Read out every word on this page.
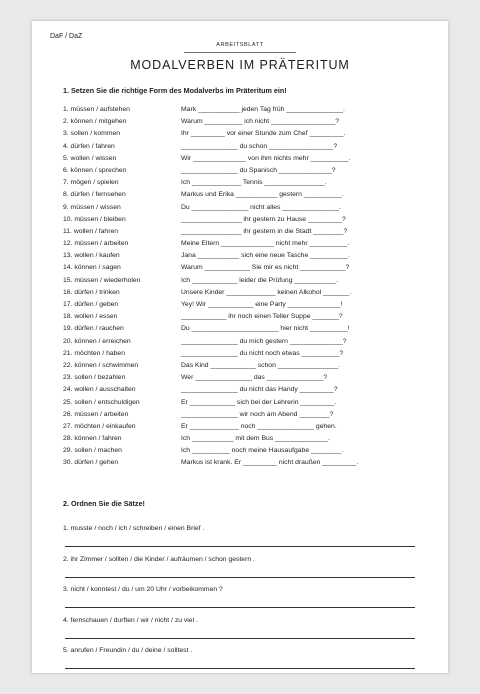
DaF / DaZ
ARBEITSBLATT
MODALVERBEN IM PRÄTERITUM
1. Setzen Sie die richtige Form des Modalverbs im Präteritum ein!
1. müssen / aufstehen	Mark ___________ jeden Tag früh _______________.
2. können / mitgehen	Warum __________ ich nicht _________________?
3. sollen / kommen	Ihr _________ vor einer Stunde zum Chef _________.
4. dürfen / fahren	_______________ du schon _________________?
5. wollen / wissen	Wir ______________ von ihm nichts mehr __________.
6. können / sprechen	_______________ du Spanisch ______________?
7. mögen / spielen	Ich _____________ Tennis ________________.
8. dürfen / fernsehen	Markus und Erika ___________ gestern __________.
9. müssen / wissen	Du _______________ nicht alles _______________.
10. müssen / bleiben	________________ ihr gestern zu Hause _________?
11. wollen / fahren	________________ ihr gestern in die Stadt ________?
12. müssen / arbeiten	Meine Eltern ______________ nicht mehr __________.
13. wollen / kaufen	Jana ___________ sich eine neue Tasche __________.
14. können / sagen	Warum ____________ Sie mir es nicht ____________?
15. müssen / wiederholen	Ich ____________ leider die Prüfung ___________.
16. dürfen / trinken	Unsere Kinder _____________ keinen Alkohol _______.
17. dürfen / geben	Yey! Wir ____________ eine Party ______________!
18. wollen / essen	____________ ihr noch einen Teller Suppe _______?
19. dürfen / rauchen	Du _______________________ hier nicht __________!
20. können / erreichen	_______________ du mich gestern ______________?
21. möchten / haben	_______________ du nicht noch etwas __________?
22. können / schwimmen	Das Kind ____________ schon ________________.
23. sollen / bezahlen	Wer _______________ das _______________?
24. wollen / ausschalten	_______________ du nicht das Handy _________?
25. sollen / entschuldigen	Er ____________ sich bei der Lehrerin _________.
26. müssen / arbeiten	_______________ wir noch am Abend ________?
27. möchten / einkaufen	Er _____________ noch _______________ gehen.
28. können / fahren	Ich ___________ mit dem Bus ______________.
29. sollen / machen	Ich __________ noch meine Hausaufgabe ________.
30. dürfen / gehen	Markus ist krank. Er _________ nicht draußen _________.
2. Ordnen Sie die Sätze!
1. musste / noch / ich / schreiben / einen Brief .
2. ihr Zimmer / sollten / die Kinder / aufräumen / schon gestern .
3. nicht / konntest / du / um 20 Uhr / vorbeikommen ?
4. fernschauen / durften / wir / nicht / zu viel .
5. anrufen / Freundin / du / deine / solltest .
